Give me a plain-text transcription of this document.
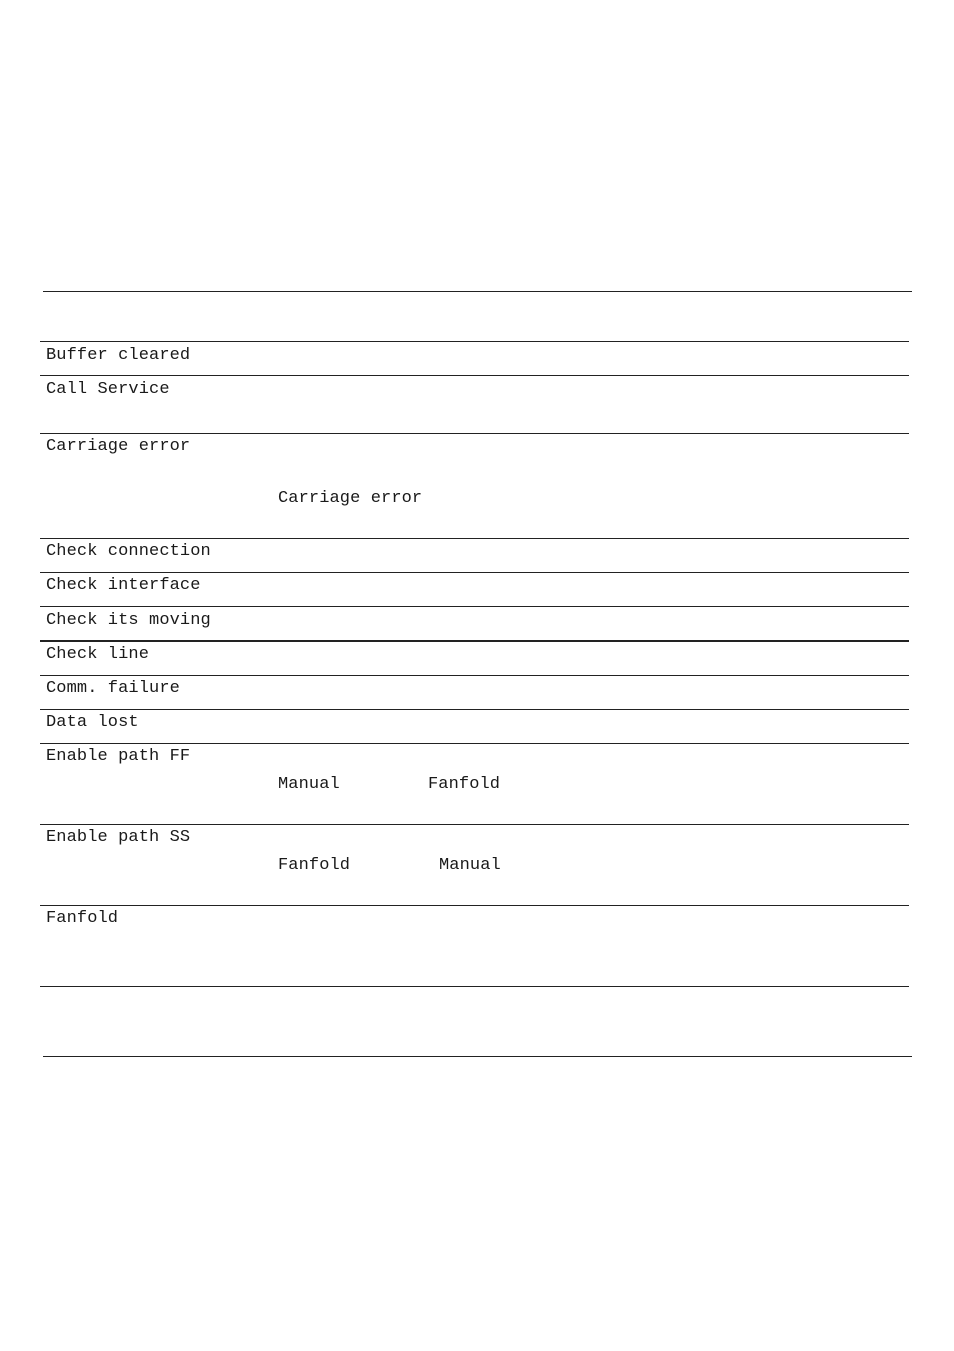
Buffer cleared
Call Service
Carriage error
Carriage error
Check connection
Check interface
Check its moving
Check line
Comm. failure
Data lost
Enable path FF
Manual	Fanfold
Enable path SS
Fanfold	Manual
Fanfold
